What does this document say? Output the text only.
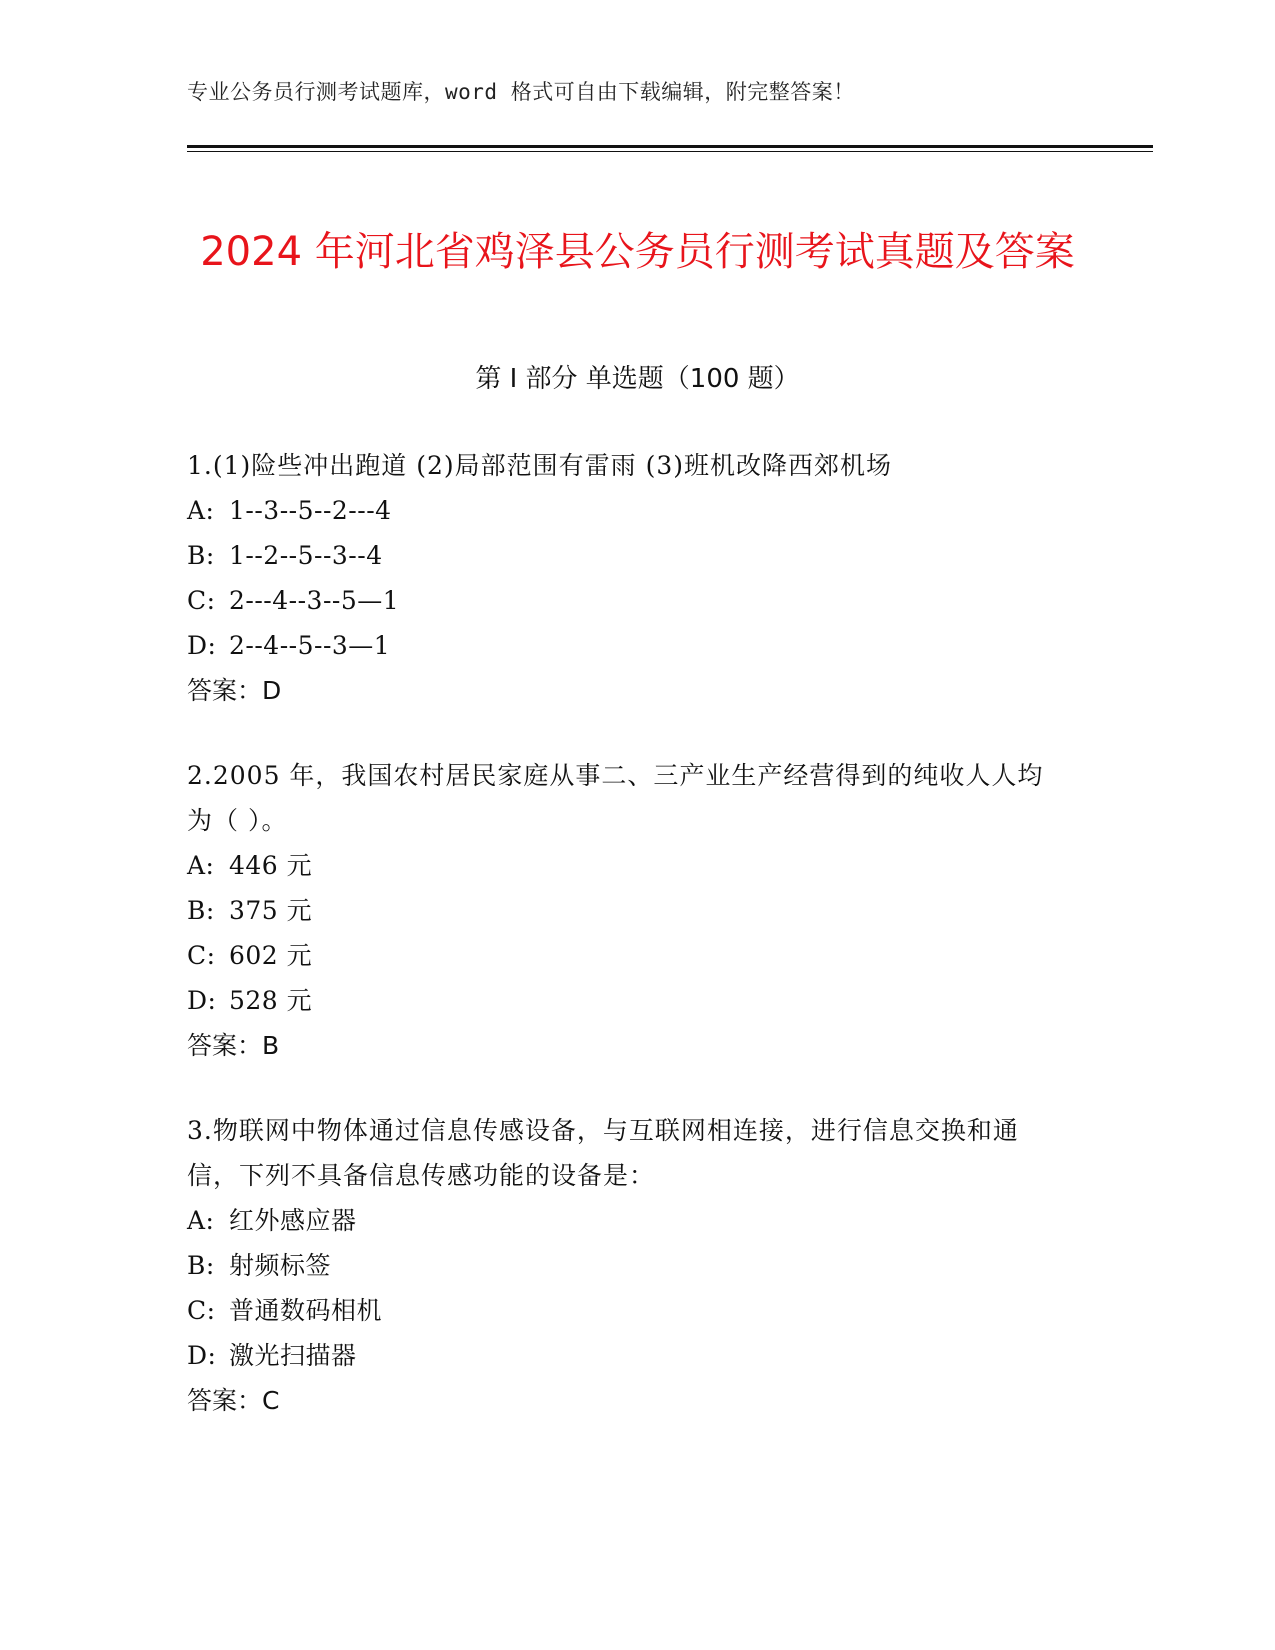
专业公务员行测考试题库，word 格式可自由下载编辑，附完整答案！
2024 年河北省鸡泽县公务员行测考试真题及答案
第 I 部分 单选题（100 题）

1.(1)险些冲出跑道 (2)局部范围有雷雨 (3)班机改降西郊机场

A: 1--3--5--2---4
B: 1--2--5--3--4
C: 2---4--3--5—1
D: 2--4--5--3—1
答案：D

2.2005 年，我国农村居民家庭从事二、三产业生产经营得到的纯收人人均为（ ）。

A: 446 元
B: 375 元
C: 602 元
D: 528 元
答案：B

3.物联网中物体通过信息传感设备，与互联网相连接，进行信息交换和通信，下列不具备信息传感功能的设备是：

A: 红外感应器
B: 射频标签
C: 普通数码相机
D: 激光扫描器
答案：C
